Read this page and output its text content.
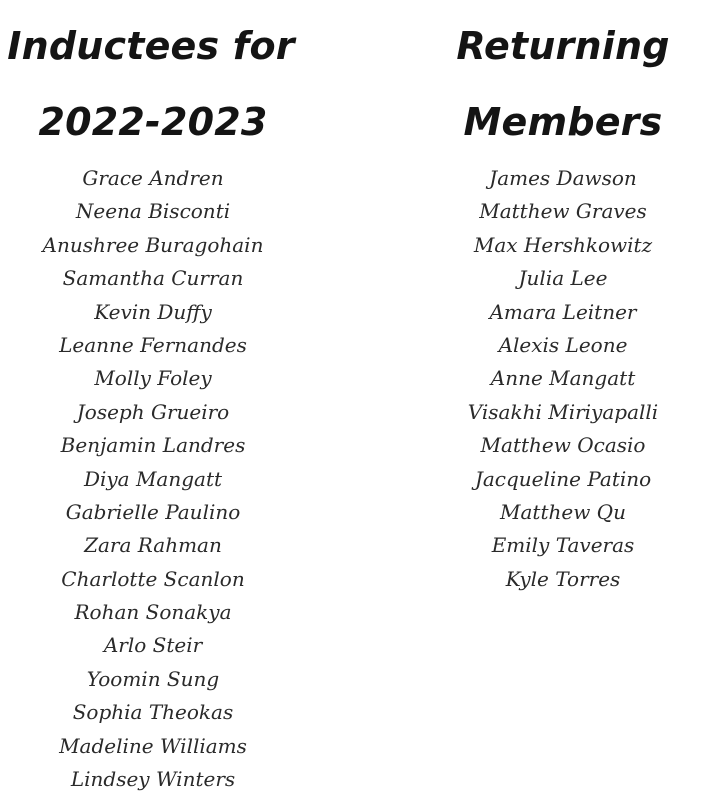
Inductees for
2022-2023
Grace Andren
Neena Bisconti
Anushree Buragohain
Samantha Curran
Kevin Duffy
Leanne Fernandes
Molly Foley
Joseph Grueiro
Benjamin Landres
Diya Mangatt
Gabrielle Paulino
Zara Rahman
Charlotte Scanlon
Rohan Sonakya
Arlo Steir
Yoomin Sung
Sophia Theokas
Madeline Williams
Lindsey Winters
Returning
Members
James Dawson
Matthew Graves
Max Hershkowitz
Julia Lee
Amara Leitner
Alexis Leone
Anne Mangatt
Visakhi Miriyapalli
Matthew Ocasio
Jacqueline Patino
Matthew Qu
Emily Taveras
Kyle Torres
